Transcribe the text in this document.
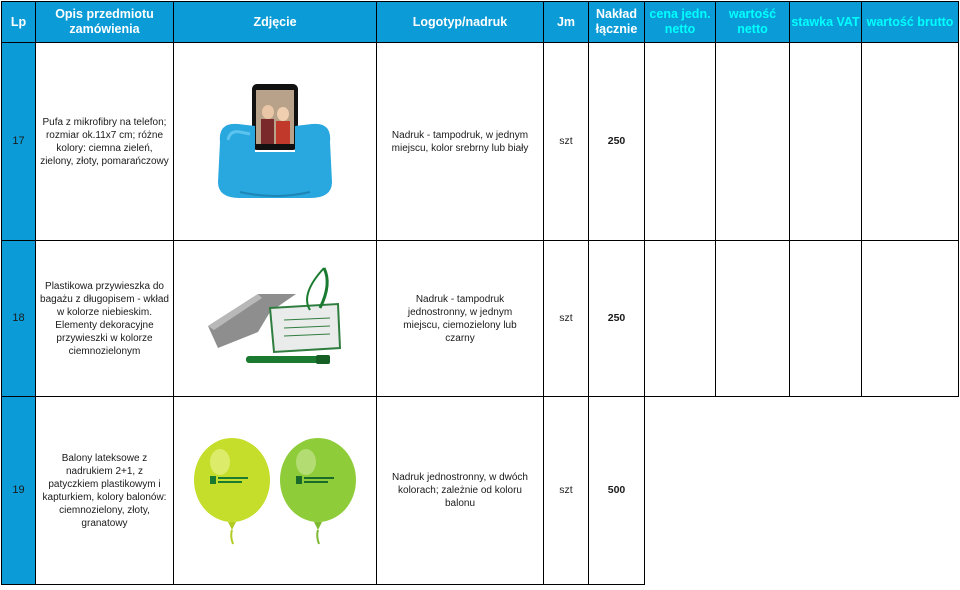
Lp	Opis przedmiotu zamówienia	Zdjęcie	Logotyp/nadruk	Jm	Nakład łącznie	cena jedn. netto	wartość netto	stawka VAT	wartość brutto
17	Pufa z mikrofibry na telefon; rozmiar ok.11x7 cm; różne kolory: ciemna zieleń, zielony, złoty, pomarańczowy		Nadruk - tampodruk, w jednym miejscu, kolor srebrny lub biały	szt	250				
18	Plastikowa przywieszka do bagażu z długopisem - wkład w kolorze niebieskim. Elementy dekoracyjne przywieszki w kolorze ciemnozielonym		Nadruk - tampodruk jednostronny, w jednym miejscu, ciemozielony lub czarny	szt	250				
19	Balony lateksowe z nadrukiem 2+1, z patyczkiem plastikowym i kapturkiem, kolory balonów: ciemnozielony, złoty, granatowy		Nadruk jednostronny, w dwóch kolorach; zależnie od koloru balonu	szt	500				
